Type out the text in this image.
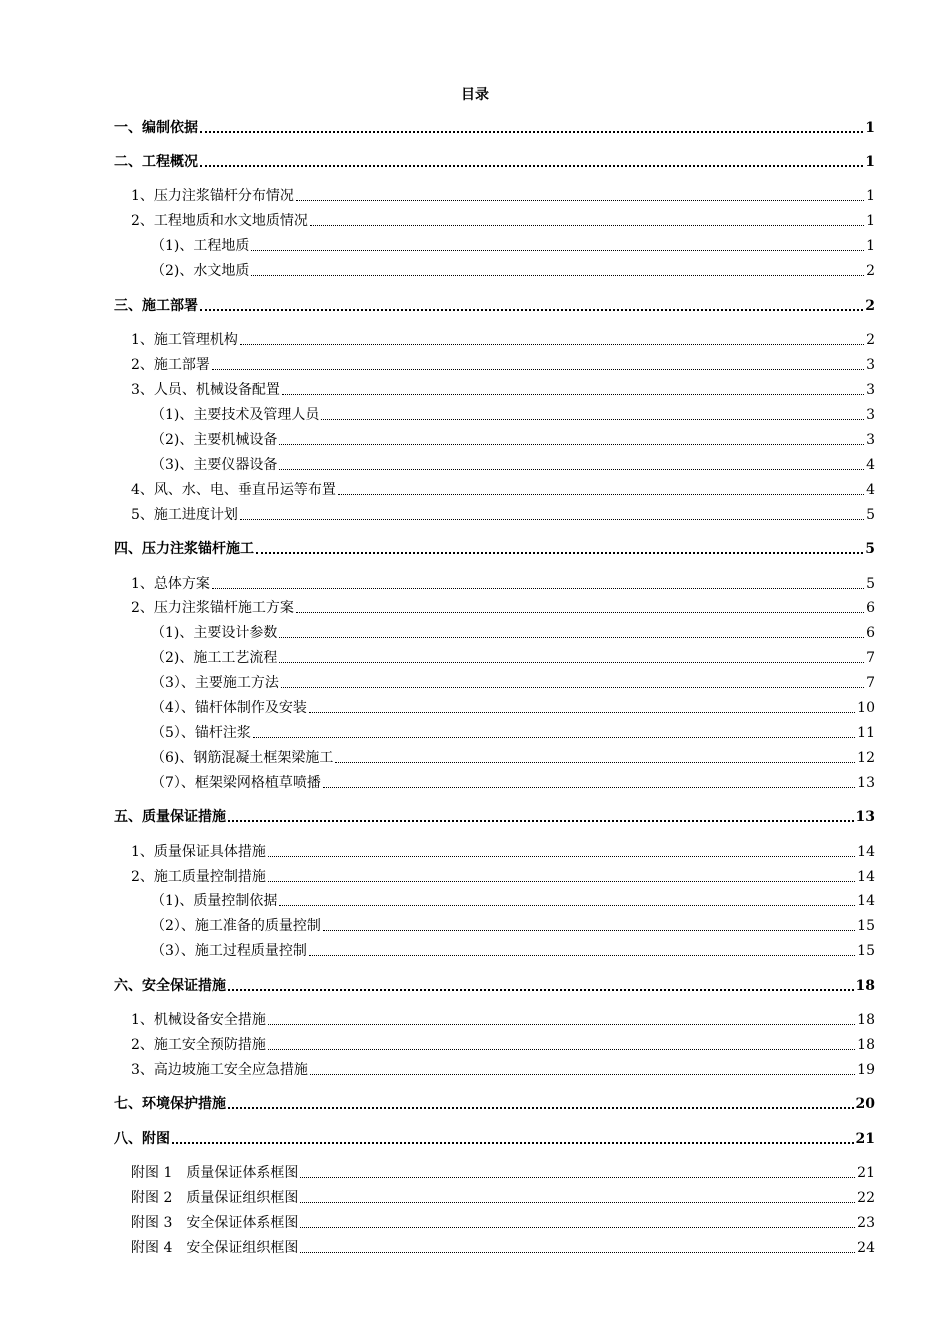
目录
一、编制依据	1
二、工程概况	1
1、压力注浆锚杆分布情况	1
2、工程地质和水文地质情况	1
（1)、工程地质	1
（2)、水文地质	2
三、施工部署	2
1、施工管理机构	2
2、施工部署	3
3、人员、机械设备配置	3
（1)、主要技术及管理人员	3
（2)、主要机械设备	3
（3)、主要仪器设备	4
4、风、水、电、垂直吊运等布置	4
5、施工进度计划	5
四、压力注浆锚杆施工	5
1、总体方案	5
2、压力注浆锚杆施工方案	6
（1)、主要设计参数	6
（2)、施工工艺流程	7
（3）、主要施工方法	7
（4）、锚杆体制作及安装	10
（5）、锚杆注浆	11
（6)、钢筋混凝土框架梁施工	12
（7）、框架梁网格植草喷播	13
五、质量保证措施	13
1、质量保证具体措施	14
2、施工质量控制措施	14
（1)、质量控制依据	14
（2）、施工准备的质量控制	15
（3）、施工过程质量控制	15
六、安全保证措施	18
1、机械设备安全措施	18
2、施工安全预防措施	18
3、高边坡施工安全应急措施	19
七、环境保护措施	20
八、附图	21
附图 1　质量保证体系框图	21
附图 2　质量保证组织框图	22
附图 3　安全保证体系框图	23
附图 4　安全保证组织框图	24
